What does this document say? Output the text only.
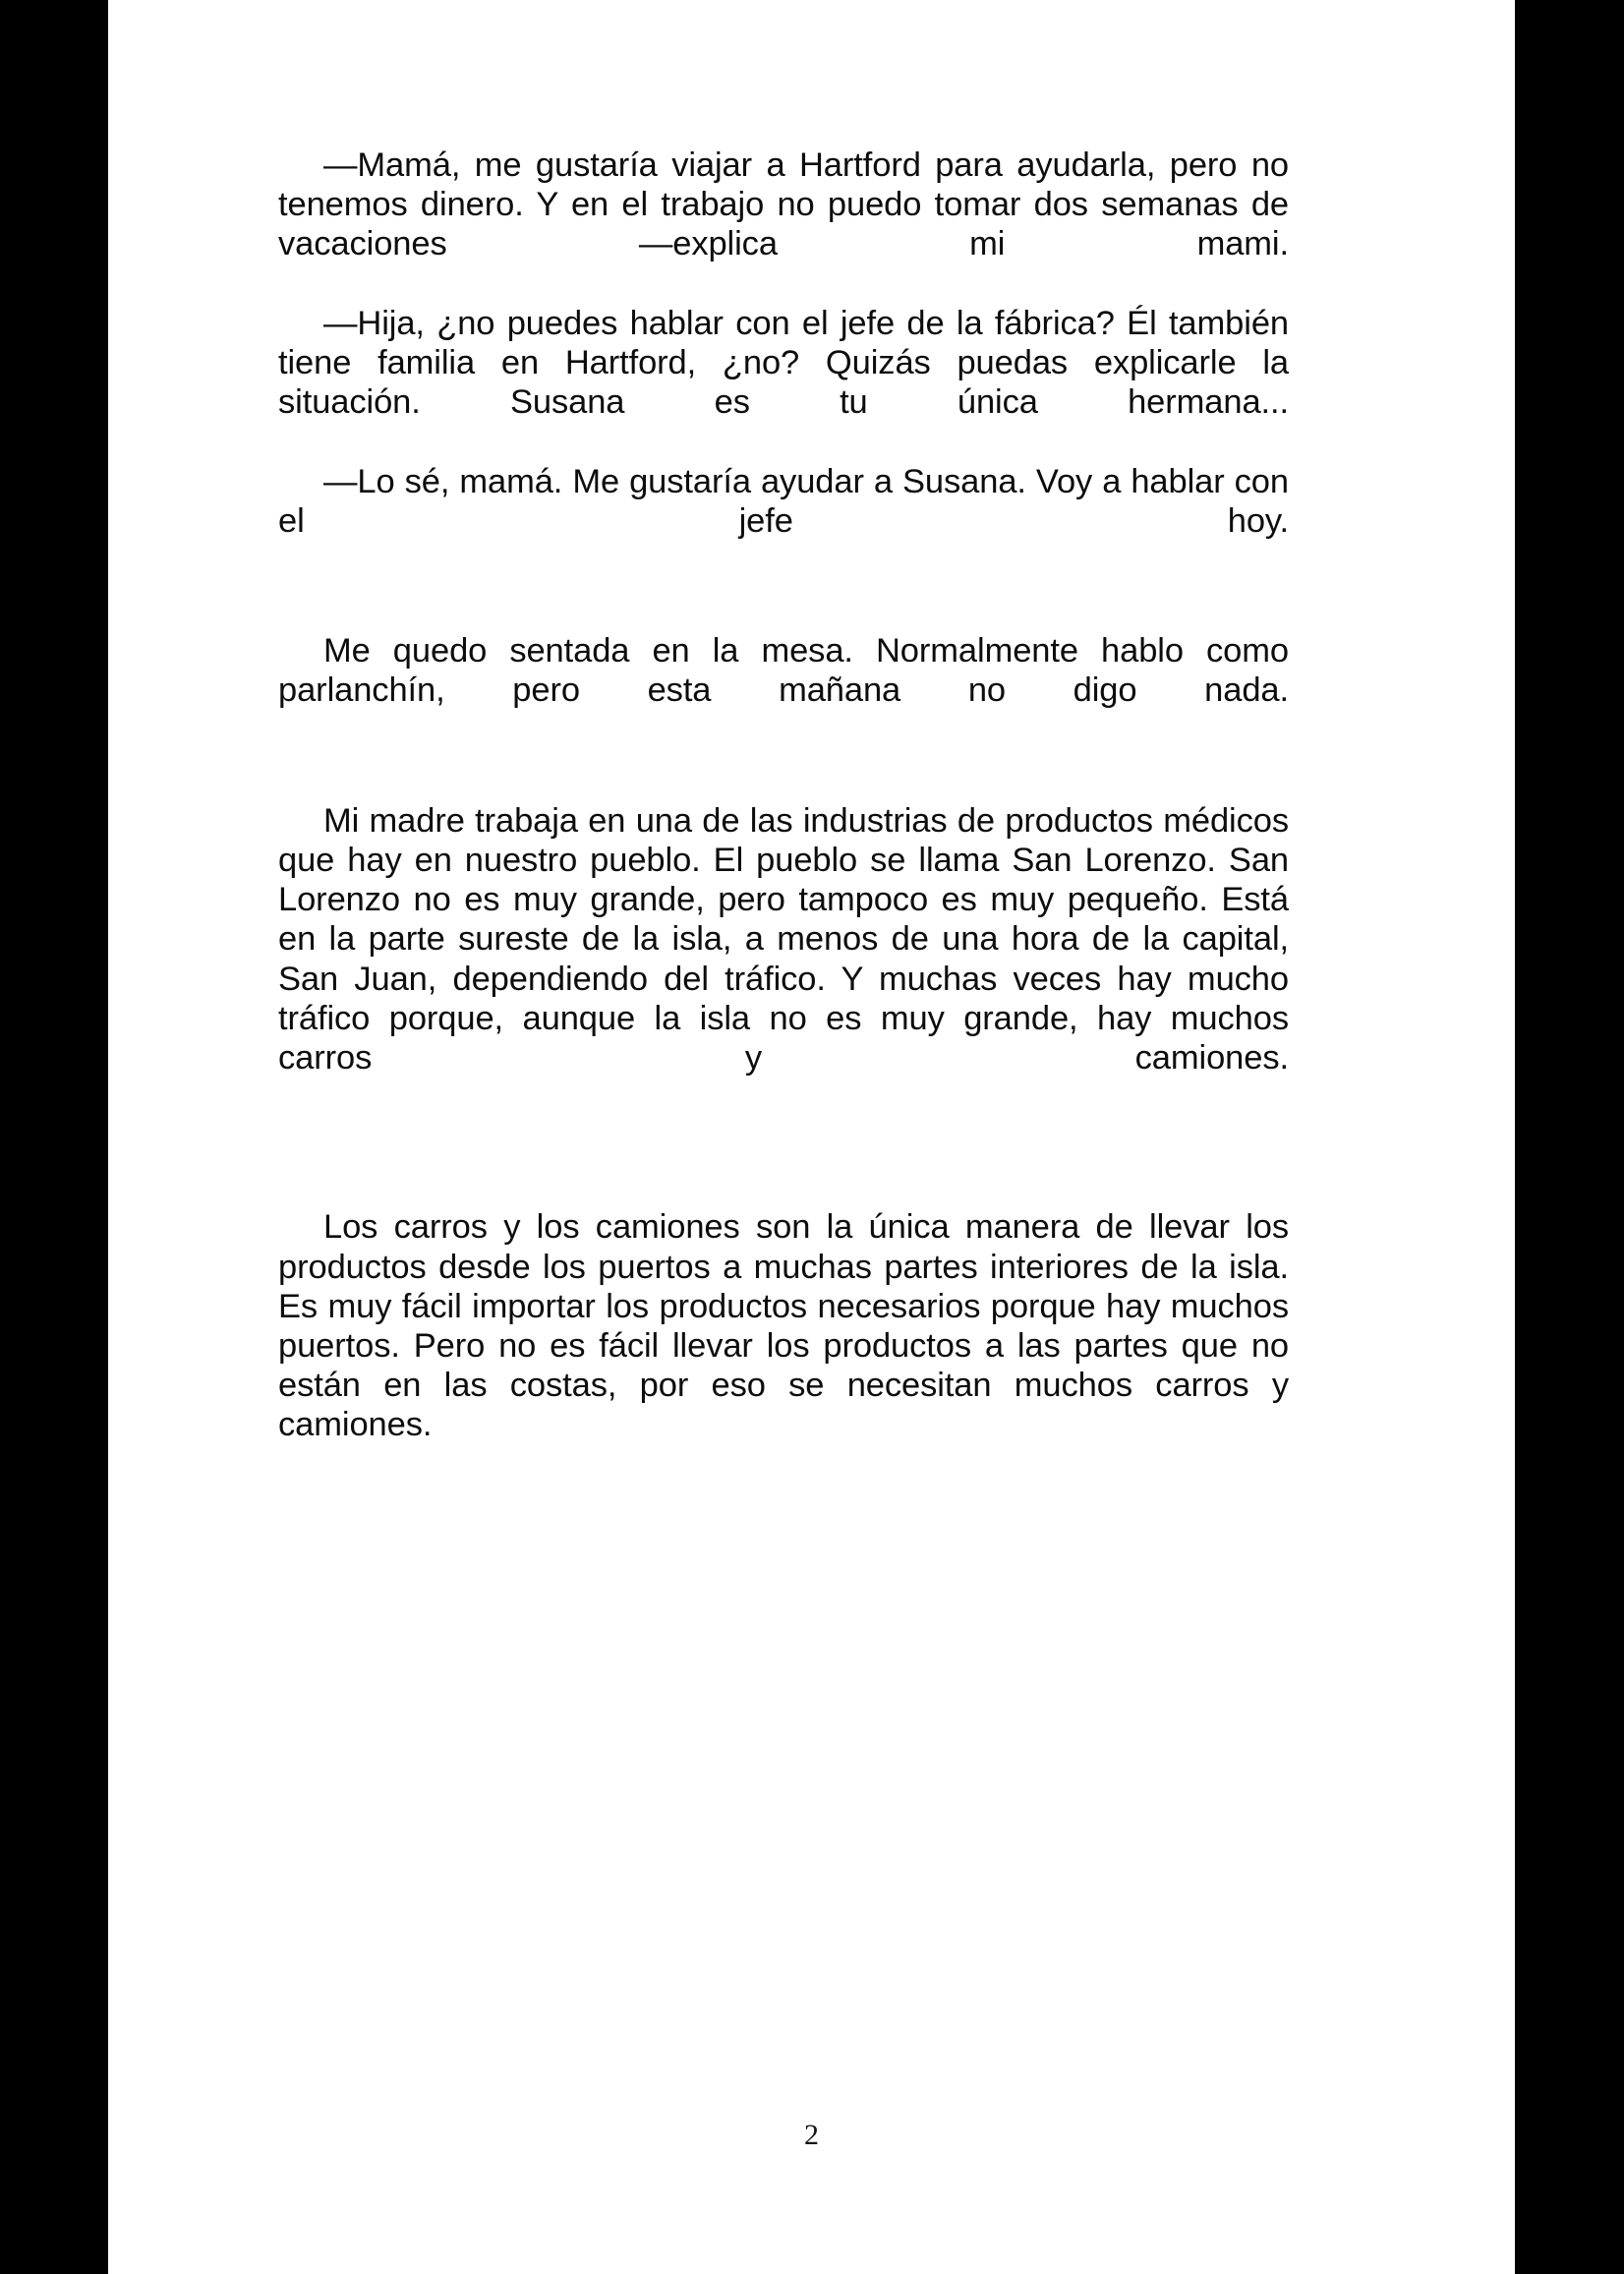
—Mamá, me gustaría viajar a Hartford para ayudarla, pero no tenemos dinero. Y en el trabajo no puedo tomar dos semanas de vacaciones —explica mi mami.

—Hija, ¿no puedes hablar con el jefe de la fábrica? Él también tiene familia en Hartford, ¿no? Quizás puedas explicarle la situación. Susana es tu única hermana...

—Lo sé, mamá. Me gustaría ayudar a Susana. Voy a hablar con el jefe hoy.

Me quedo sentada en la mesa. Normalmente hablo como parlanchín, pero esta mañana no digo nada.

Mi madre trabaja en una de las industrias de productos médicos que hay en nuestro pueblo. El pueblo se llama San Lorenzo. San Lorenzo no es muy grande, pero tampoco es muy pequeño. Está en la parte sureste de la isla, a menos de una hora de la capital, San Juan, dependiendo del tráfico. Y muchas veces hay mucho tráfico porque, aunque la isla no es muy grande, hay muchos carros y camiones.

Los carros y los camiones son la única manera de llevar los productos desde los puertos a muchas partes interiores de la isla. Es muy fácil importar los productos necesarios porque hay muchos puertos. Pero no es fácil llevar los productos a las partes que no están en las costas, por eso se necesitan muchos carros y camiones.

2
